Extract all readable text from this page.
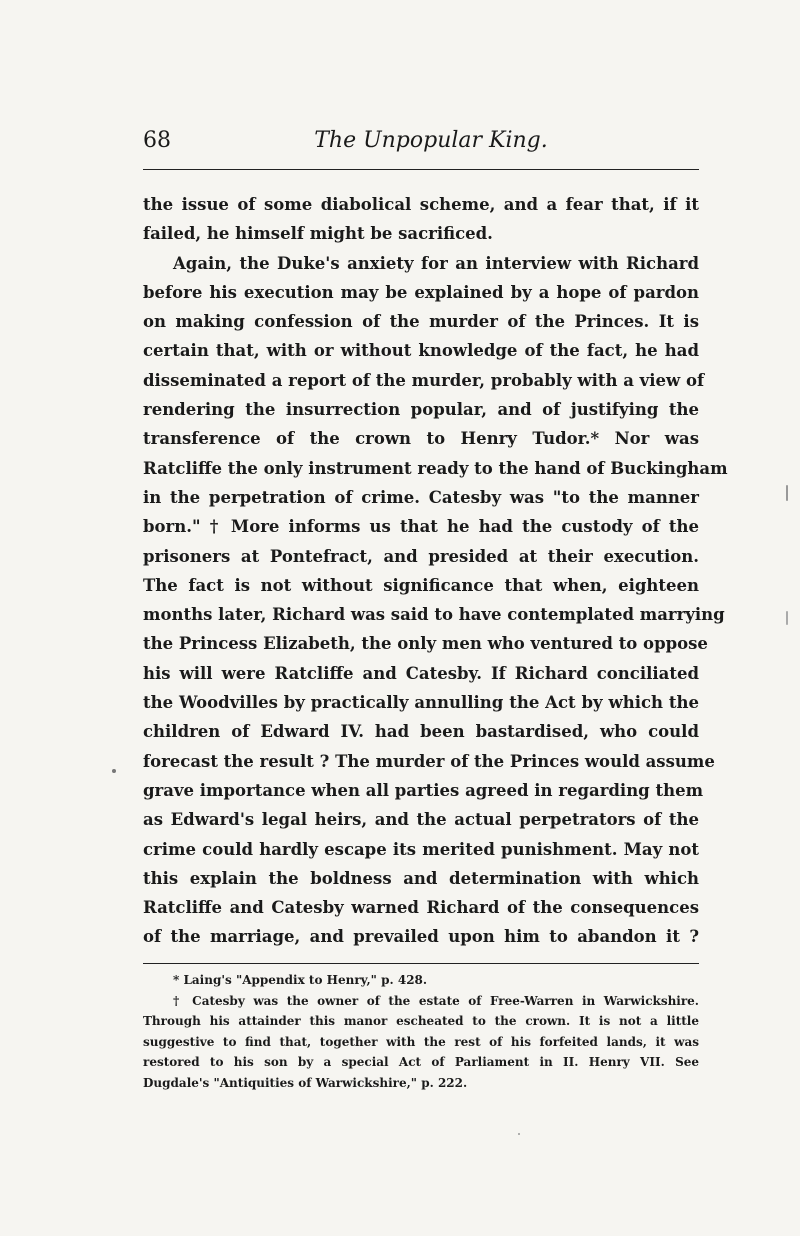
68	The Unpopular King.
the issue of some diabolical scheme, and a fear that, if it
failed, he himself might be sacrificed.
Again, the Duke's anxiety for an interview with Richard
before his execution may be explained by a hope of pardon
on making confession of the murder of the Princes. It is
certain that, with or without knowledge of the fact, he had
disseminated a report of the murder, probably with a view of
rendering the insurrection popular, and of justifying the
transference of the crown to Henry Tudor.* Nor was
Ratcliffe the only instrument ready to the hand of Buckingham
in the perpetration of crime. Catesby was "to the manner
born." † More informs us that he had the custody of the
prisoners at Pontefract, and presided at their execution.
The fact is not without significance that when, eighteen
months later, Richard was said to have contemplated marrying
the Princess Elizabeth, the only men who ventured to oppose
his will were Ratcliffe and Catesby. If Richard conciliated
the Woodvilles by practically annulling the Act by which the
children of Edward IV. had been bastardised, who could
forecast the result ? The murder of the Princes would assume
grave importance when all parties agreed in regarding them
as Edward's legal heirs, and the actual perpetrators of the
crime could hardly escape its merited punishment. May not
this explain the boldness and determination with which
Ratcliffe and Catesby warned Richard of the consequences
of the marriage, and prevailed upon him to abandon it ?
* Laing's "Appendix to Henry," p. 428.
† Catesby was the owner of the estate of Free-Warren in Warwickshire.
Through his attainder this manor escheated to the crown. It is not a little
suggestive to find that, together with the rest of his forfeited lands, it was
restored to his son by a special Act of Parliament in II. Henry VII. See
Dugdale's "Antiquities of Warwickshire," p. 222.
